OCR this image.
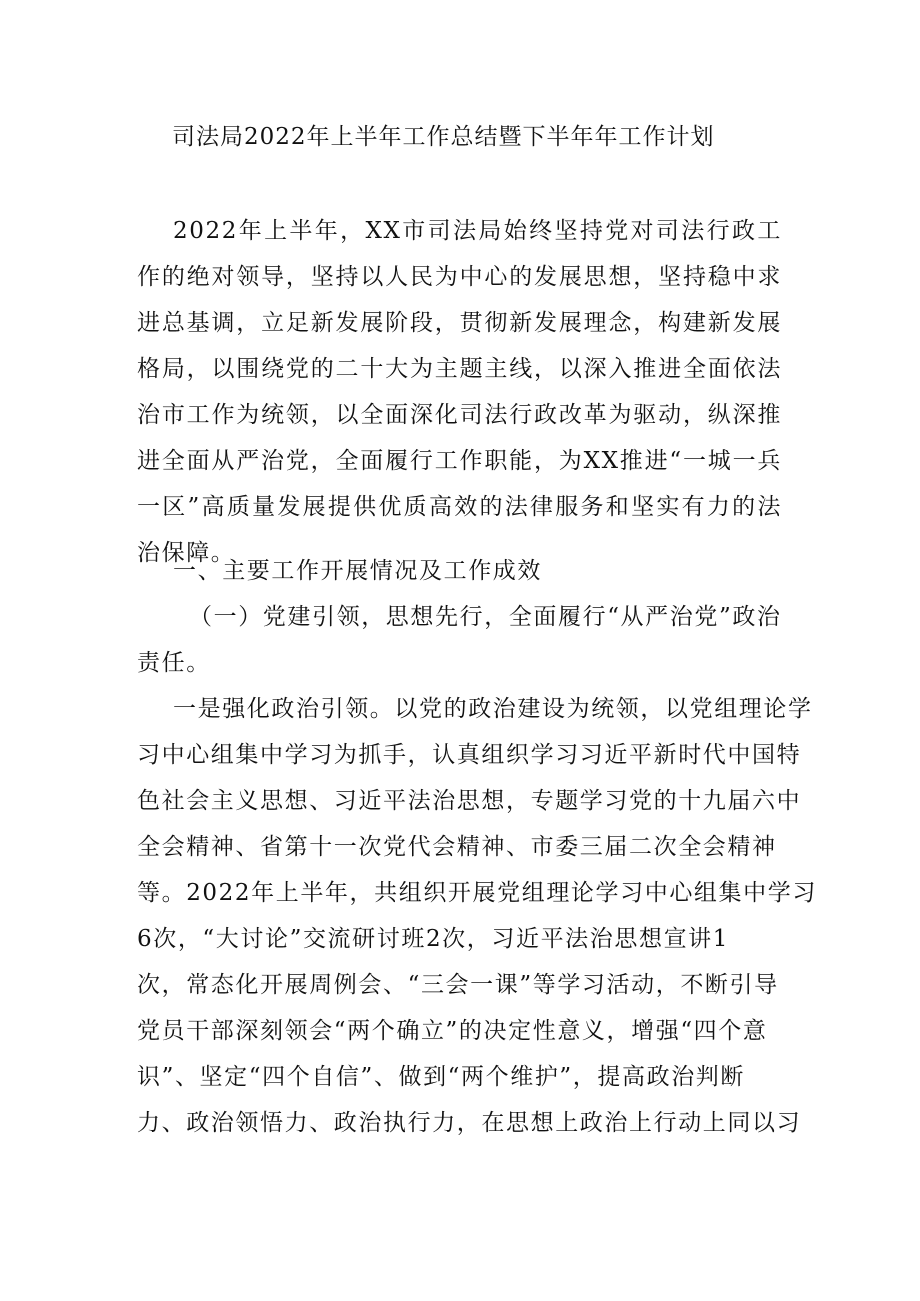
司法局2022年上半年工作总结暨下半年年工作计划

2022年上半年，XX市司法局始终坚持党对司法行政工作的绝对领导，坚持以人民为中心的发展思想，坚持稳中求进总基调，立足新发展阶段，贯彻新发展理念，构建新发展格局，以围绕党的二十大为主题主线，以深入推进全面依法治市工作为统领，以全面深化司法行政改革为驱动，纵深推进全面从严治党，全面履行工作职能，为XX推进“一城一兵一区”高质量发展提供优质高效的法律服务和坚实有力的法治保障。

一、主要工作开展情况及工作成效

（一）党建引领，思想先行，全面履行“从严治党”政治责任。

一是强化政治引领。以党的政治建设为统领，以党组理论学
习中心组集中学习为抓手，认真组织学习习近平新时代中国特
色社会主义思想、习近平法治思想，专题学习党的十九届六中
全会精神、省第十一次党代会精神、市委三届二次全会精神
等。2022年上半年，共组织开展党组理论学习中心组集中学习
6次，“大讨论”交流研讨班2次，习近平法治思想宣讲1
次，常态化开展周例会、“三会一课”等学习活动，不断引导
党员干部深刻领会“两个确立”的决定性意义，增强“四个意
识”、坚定“四个自信”、做到“两个维护”，提高政治判断
力、政治领悟力、政治执行力，在思想上政治上行动上同以习
